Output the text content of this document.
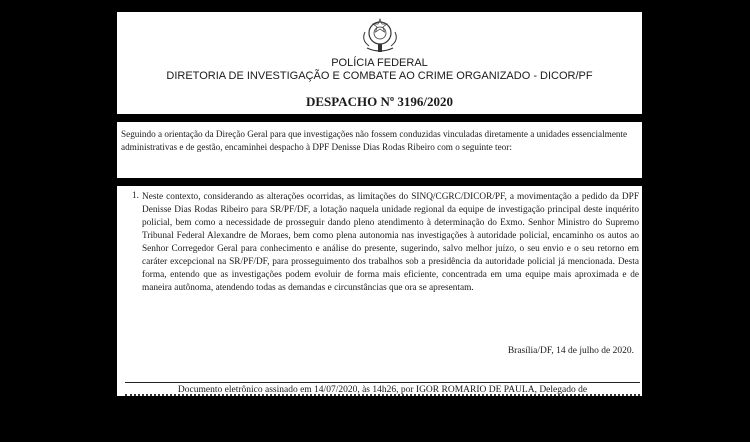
POLÍCIA FEDERAL
DIRETORIA DE INVESTIGAÇÃO E COMBATE AO CRIME ORGANIZADO - DICOR/PF
DESPACHO Nº 3196/2020
Seguindo a orientação da Direção Geral para que investigações não fossem conduzidas vinculadas diretamente a unidades essencialmente administrativas e de gestão, encaminhei despacho à DPF Denisse Dias Rodas Ribeiro com o seguinte teor:
1. Neste contexto, considerando as alterações ocorridas, as limitações do SINQ/CGRC/DICOR/PF, a movimentação a pedido da DPF Denisse Dias Rodas Ribeiro para SR/PF/DF, a lotação naquela unidade regional da equipe de investigação principal deste inquérito policial, bem como a necessidade de prosseguir dando pleno atendimento à determinação do Exmo. Senhor Ministro do Supremo Tribunal Federal Alexandre de Moraes, bem como plena autonomia nas investigações à autoridade policial, encaminho os autos ao Senhor Corregedor Geral para conhecimento e análise do presente, sugerindo, salvo melhor juízo, o seu envio e o seu retorno em caráter excepcional na SR/PF/DF, para prosseguimento dos trabalhos sob a presidência da autoridade policial já mencionada. Desta forma, entendo que as investigações podem evoluir de forma mais eficiente, concentrada em uma equipe mais aproximada e de maneira autônoma, atendendo todas as demandas e circunstâncias que ora se apresentam.
Brasília/DF, 14 de julho de 2020.
Documento eletrônico assinado em 14/07/2020, às 14h26, por IGOR ROMARIO DE PAULA, Delegado de
